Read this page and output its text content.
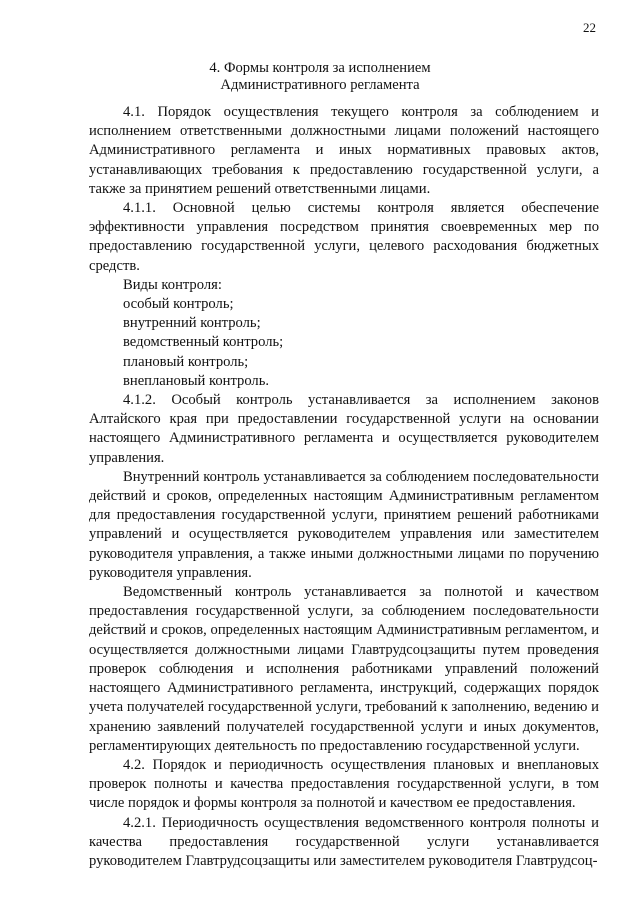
22
4. Формы контроля за исполнением
Административного регламента

4.1. Порядок осуществления текущего контроля за соблюдением и исполнением ответственными должностными лицами положений настоящего Административного регламента и иных нормативных правовых актов, устанавливающих требования к предоставлению государственной услуги, а также за принятием решений ответственными лицами.

4.1.1. Основной целью системы контроля является обеспечение эффективности управления посредством принятия своевременных мер по предоставлению государственной услуги, целевого расходования бюджетных средств.

Виды контроля:

особый контроль;
внутренний контроль;
ведомственный контроль;
плановый контроль;
внеплановый контроль.

4.1.2. Особый контроль устанавливается за исполнением законов Алтайского края при предоставлении государственной услуги на основании настоящего Административного регламента и осуществляется руководителем управления.

Внутренний контроль устанавливается за соблюдением последовательности действий и сроков, определенных настоящим Административным регламентом для предоставления государственной услуги, принятием решений работниками управлений и осуществляется руководителем управления или заместителем руководителя управления, а также иными должностными лицами по поручению руководителя управления.

Ведомственный контроль устанавливается за полнотой и качеством предоставления государственной услуги, за соблюдением последовательности действий и сроков, определенных настоящим Административным регламентом, и осуществляется должностными лицами Главтрудсоцзащиты путем проведения проверок соблюдения и исполнения работниками управлений положений настоящего Административного регламента, инструкций, содержащих порядок учета получателей государственной услуги, требований к заполнению, ведению и хранению заявлений получателей государственной услуги и иных документов, регламентирующих деятельность по предоставлению государственной услуги.

4.2. Порядок и периодичность осуществления плановых и внеплановых проверок полноты и качества предоставления государственной услуги, в том числе порядок и формы контроля за полнотой и качеством ее предоставления.

4.2.1. Периодичность осуществления ведомственного контроля полноты и качества предоставления государственной услуги устанавливается руководителем Главтрудсоцзащиты или заместителем руководителя Главтрудсоц-
